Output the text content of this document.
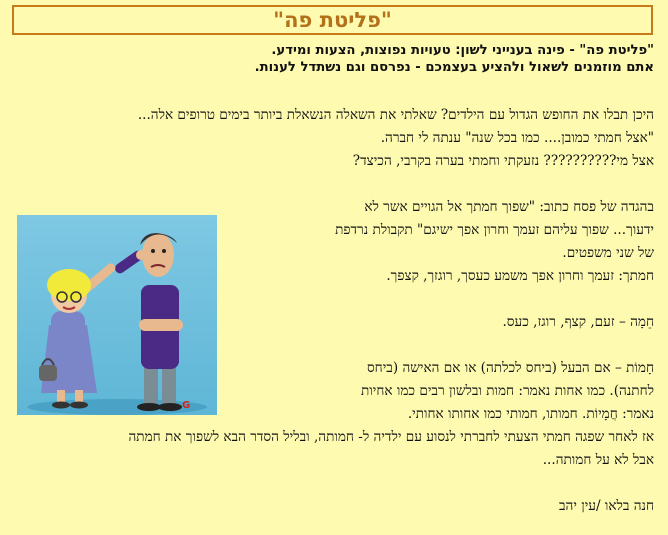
"פליטת פה"
"פליטת פה" - פינה בענייני לשון: טעויות נפוצות, הצעות ומידע.
אתם מוזמנים לשאול ולהציע בעצמכם - נפרסם וגם נשתדל לענות.
G

היכן תבלו את החופש הגדול עם הילדים? שאלתי את השאלה הנשאלת ביותר בימים טרופים אלה...

"אצל חמתי כמובן.... כמו בכל שנה" ענתה לי חברה.

אצל מי?????????? נזעקתי וחמתי בערה בקרבי, הכיצד?

בהגדה של פסח כתוב: "שפוך חמתך אל הגויים אשר לא

ידעוך... שפוך עליהם זעמך וחרון אפך ישיגם" תקבולת נרדפת

של שני משפטים.

חמתך: זעמך וחרון אפך משמע כעסך, רוגזך, קצפך.

חֵמָה – זעם, קצף, רוגז, כעס.

חָמוֹת – אם הבעל (ביחס לכלתה) או אם האישה (ביחס

לחתנה). כמו אחות נאמר: חמות ובלשון רבים כמו אחיות

נאמר: חֲמָיוֹת. חמותו, חמותי כמו אחותו אחותי.

אז לאחר שפגה חמתי הצעתי לחברתי לנסוע עם ילדיה ל- חמותה, ובליל הסדר הבא לשפוך את חמתה

אבל לא על חמותה...

חנה בלאו /עין יהב
